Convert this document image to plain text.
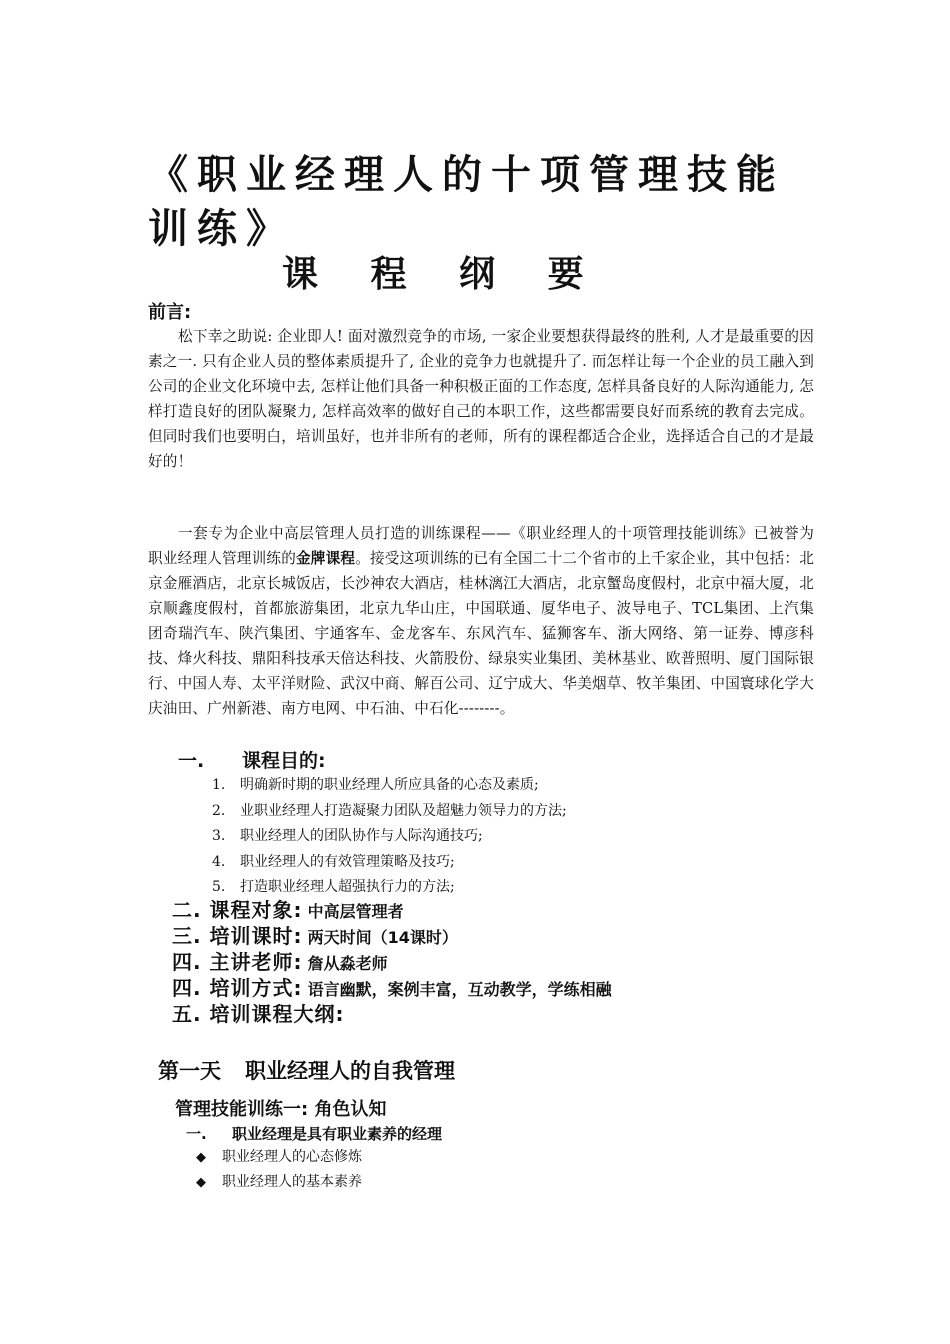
《职业经理人的十项管理技能训练》
课 程 纲 要
前言:

松下幸之助说: 企业即人! 面对激烈竞争的市场, 一家企业要想获得最终的胜利, 人才是最重要的因素之一. 只有企业人员的整体素质提升了, 企业的竞争力也就提升了. 而怎样让每一个企业的员工融入到公司的企业文化环境中去, 怎样让他们具备一种积极正面的工作态度, 怎样具备良好的人际沟通能力, 怎样打造良好的团队凝聚力, 怎样高效率的做好自己的本职工作，这些都需要良好而系统的教育去完成。但同时我们也要明白，培训虽好，也并非所有的老师，所有的课程都适合企业，选择适合自己的才是最好的！

一套专为企业中高层管理人员打造的训练课程——《职业经理人的十项管理技能训练》已被誉为职业经理人管理训练的金牌课程。接受这项训练的已有全国二十二个省市的上千家企业，其中包括：北京金雁酒店，北京长城饭店，长沙神农大酒店，桂林漓江大酒店，北京蟹岛度假村，北京中福大厦，北京顺鑫度假村，首都旅游集团，北京九华山庄，中国联通、厦华电子、波导电子、TCL集团、上汽集团奇瑞汽车、陕汽集团、宇通客车、金龙客车、东风汽车、猛狮客车、浙大网络、第一证券、博彦科技、烽火科技、鼎阳科技承天倍达科技、火箭股份、绿泉实业集团、美林基业、欧普照明、厦门国际银行、中国人寿、太平洋财险、武汉中商、解百公司、辽宁成大、华美烟草、牧羊集团、中国寰球化学大庆油田、广州新港、南方电网、中石油、中石化--------。

一. 课程目的:
1. 明确新时期的职业经理人所应具备的心态及素质;
2. 业职业经理人打造凝聚力团队及超魅力领导力的方法;
3. 职业经理人的团队协作与人际沟通技巧;
4. 职业经理人的有效管理策略及技巧;
5. 打造职业经理人超强执行力的方法;
二. 课程对象: 中高层管理者
三. 培训课时: 两天时间（14课时）
四. 主讲老师: 詹从淼老师
四. 培训方式: 语言幽默，案例丰富，互动教学，学练相融
五. 培训课程大纲:
第一天 职业经理人的自我管理
管理技能训练一: 角色认知
一. 职业经理是具有职业素养的经理
◆ 职业经理人的心态修炼
◆ 职业经理人的基本素养
